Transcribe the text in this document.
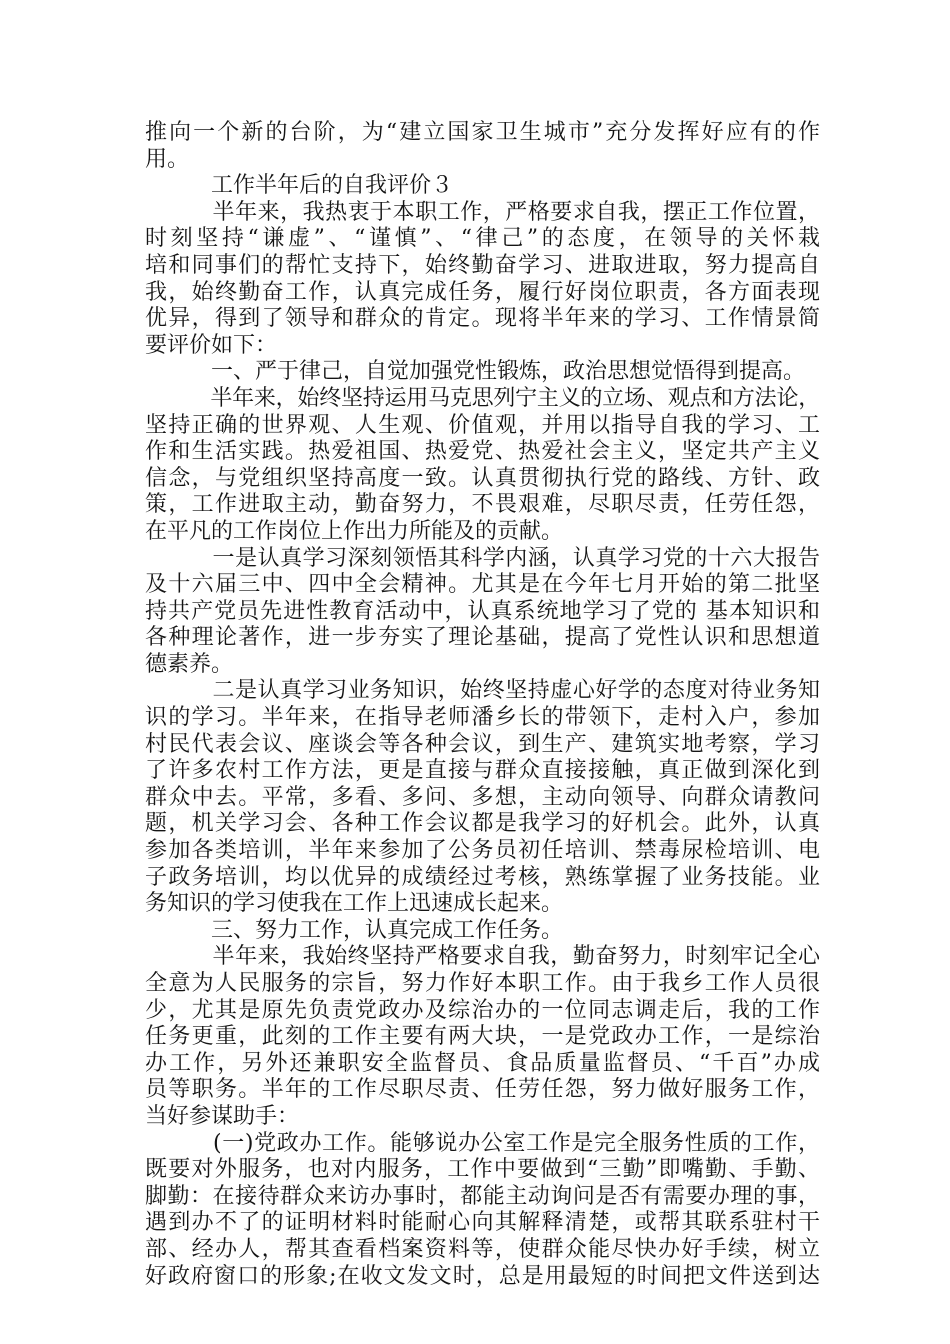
推向一个新的台阶，为“建立国家卫生城市”充分发挥好应有的作
用。
　　　工作半年后的自我评价３
　　　半年来，我热衷于本职工作，严格要求自我，摆正工作位置，
时刻坚持“谦虚”、“谨慎”、“律己”的态度，在领导的关怀栽
培和同事们的帮忙支持下，始终勤奋学习、进取进取，努力提高自
我，始终勤奋工作，认真完成任务，履行好岗位职责，各方面表现
优异，得到了领导和群众的肯定。现将半年来的学习、工作情景简
要评价如下：
　　　一、严于律己，自觉加强党性锻炼，政治思想觉悟得到提高。
　　　半年来，始终坚持运用马克思列宁主义的立场、观点和方法论，
坚持正确的世界观、人生观、价值观，并用以指导自我的学习、工
作和生活实践。热爱祖国、热爱党、热爱社会主义，坚定共产主义
信念，与党组织坚持高度一致。认真贯彻执行党的路线、方针、政
策，工作进取主动，勤奋努力，不畏艰难，尽职尽责，任劳任怨，
在平凡的工作岗位上作出力所能及的贡献。
　　　一是认真学习深刻领悟其科学内涵，认真学习党的十六大报告
及十六届三中、四中全会精神。尤其是在今年七月开始的第二批坚
持共产党员先进性教育活动中，认真系统地学习了党的 基本知识和
各种理论著作，进一步夯实了理论基础，提高了党性认识和思想道
德素养。
　　　二是认真学习业务知识，始终坚持虚心好学的态度对待业务知
识的学习。半年来，在指导老师潘乡长的带领下，走村入户，参加
村民代表会议、座谈会等各种会议，到生产、建筑实地考察，学习
了许多农村工作方法，更是直接与群众直接接触，真正做到深化到
群众中去。平常，多看、多问、多想，主动向领导、向群众请教问
题，机关学习会、各种工作会议都是我学习的好机会。此外，认真
参加各类培训，半年来参加了公务员初任培训、禁毒尿检培训、电
子政务培训，均以优异的成绩经过考核，熟练掌握了业务技能。业
务知识的学习使我在工作上迅速成长起来。
　　　三、努力工作，认真完成工作任务。
　　　半年来，我始终坚持严格要求自我，勤奋努力，时刻牢记全心
全意为人民服务的宗旨，努力作好本职工作。由于我乡工作人员很
少，尤其是原先负责党政办及综治办的一位同志调走后，我的工作
任务更重，此刻的工作主要有两大块，一是党政办工作，一是综治
办工作，另外还兼职安全监督员、食品质量监督员、“千百”办成
员等职务。半年的工作尽职尽责、任劳任怨，努力做好服务工作，
当好参谋助手：
　　　(一)党政办工作。能够说办公室工作是完全服务性质的工作，
既要对外服务，也对内服务，工作中要做到“三勤”即嘴勤、手勤、
脚勤：在接待群众来访办事时，都能主动询问是否有需要办理的事，
遇到办不了的证明材料时能耐心向其解释清楚，或帮其联系驻村干
部、经办人，帮其查看档案资料等，使群众能尽快办好手续，树立
好政府窗口的形象;在收文发文时，总是用最短的时间把文件送到达
